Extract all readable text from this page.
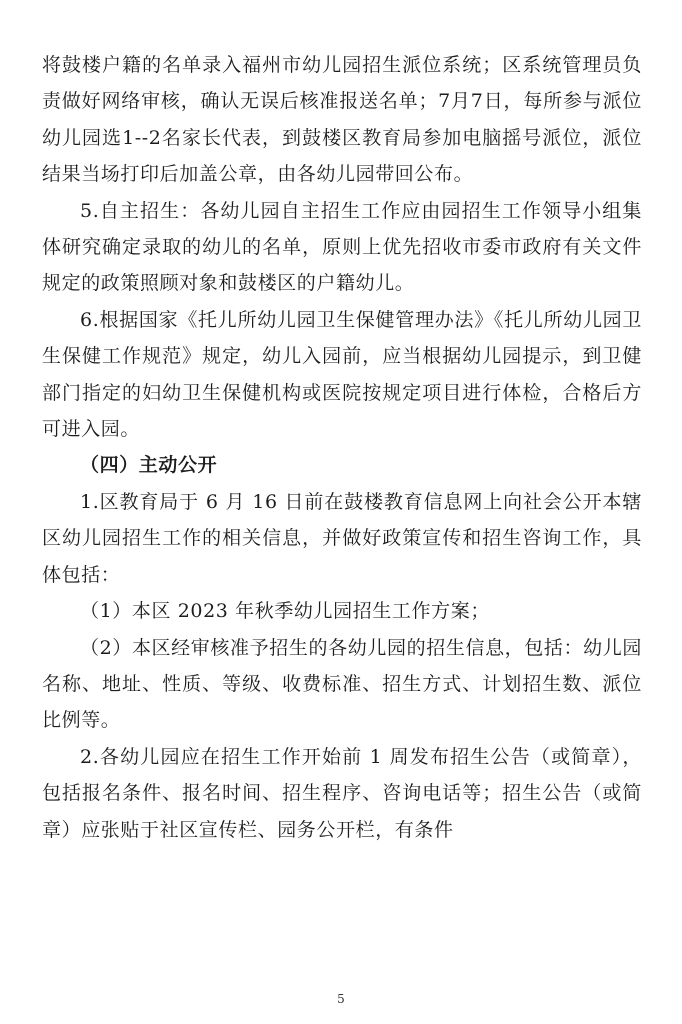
将鼓楼户籍的名单录入福州市幼儿园招生派位系统；区系统管理员负责做好网络审核，确认无误后核准报送名单；7月7日，每所参与派位幼儿园选1--2名家长代表，到鼓楼区教育局参加电脑摇号派位，派位结果当场打印后加盖公章，由各幼儿园带回公布。

5.自主招生：各幼儿园自主招生工作应由园招生工作领导小组集体研究确定录取的幼儿的名单，原则上优先招收市委市政府有关文件规定的政策照顾对象和鼓楼区的户籍幼儿。

6.根据国家《托儿所幼儿园卫生保健管理办法》《托儿所幼儿园卫生保健工作规范》规定，幼儿入园前，应当根据幼儿园提示，到卫健部门指定的妇幼卫生保健机构或医院按规定项目进行体检，合格后方可进入园。

（四）主动公开

1.区教育局于 6 月 16 日前在鼓楼教育信息网上向社会公开本辖区幼儿园招生工作的相关信息，并做好政策宣传和招生咨询工作，具体包括：

（1）本区 2023 年秋季幼儿园招生工作方案；

（2）本区经审核准予招生的各幼儿园的招生信息，包括：幼儿园名称、地址、性质、等级、收费标准、招生方式、计划招生数、派位比例等。

2.各幼儿园应在招生工作开始前 1 周发布招生公告（或简章），包括报名条件、报名时间、招生程序、咨询电话等；招生公告（或简章）应张贴于社区宣传栏、园务公开栏，有条件

5
